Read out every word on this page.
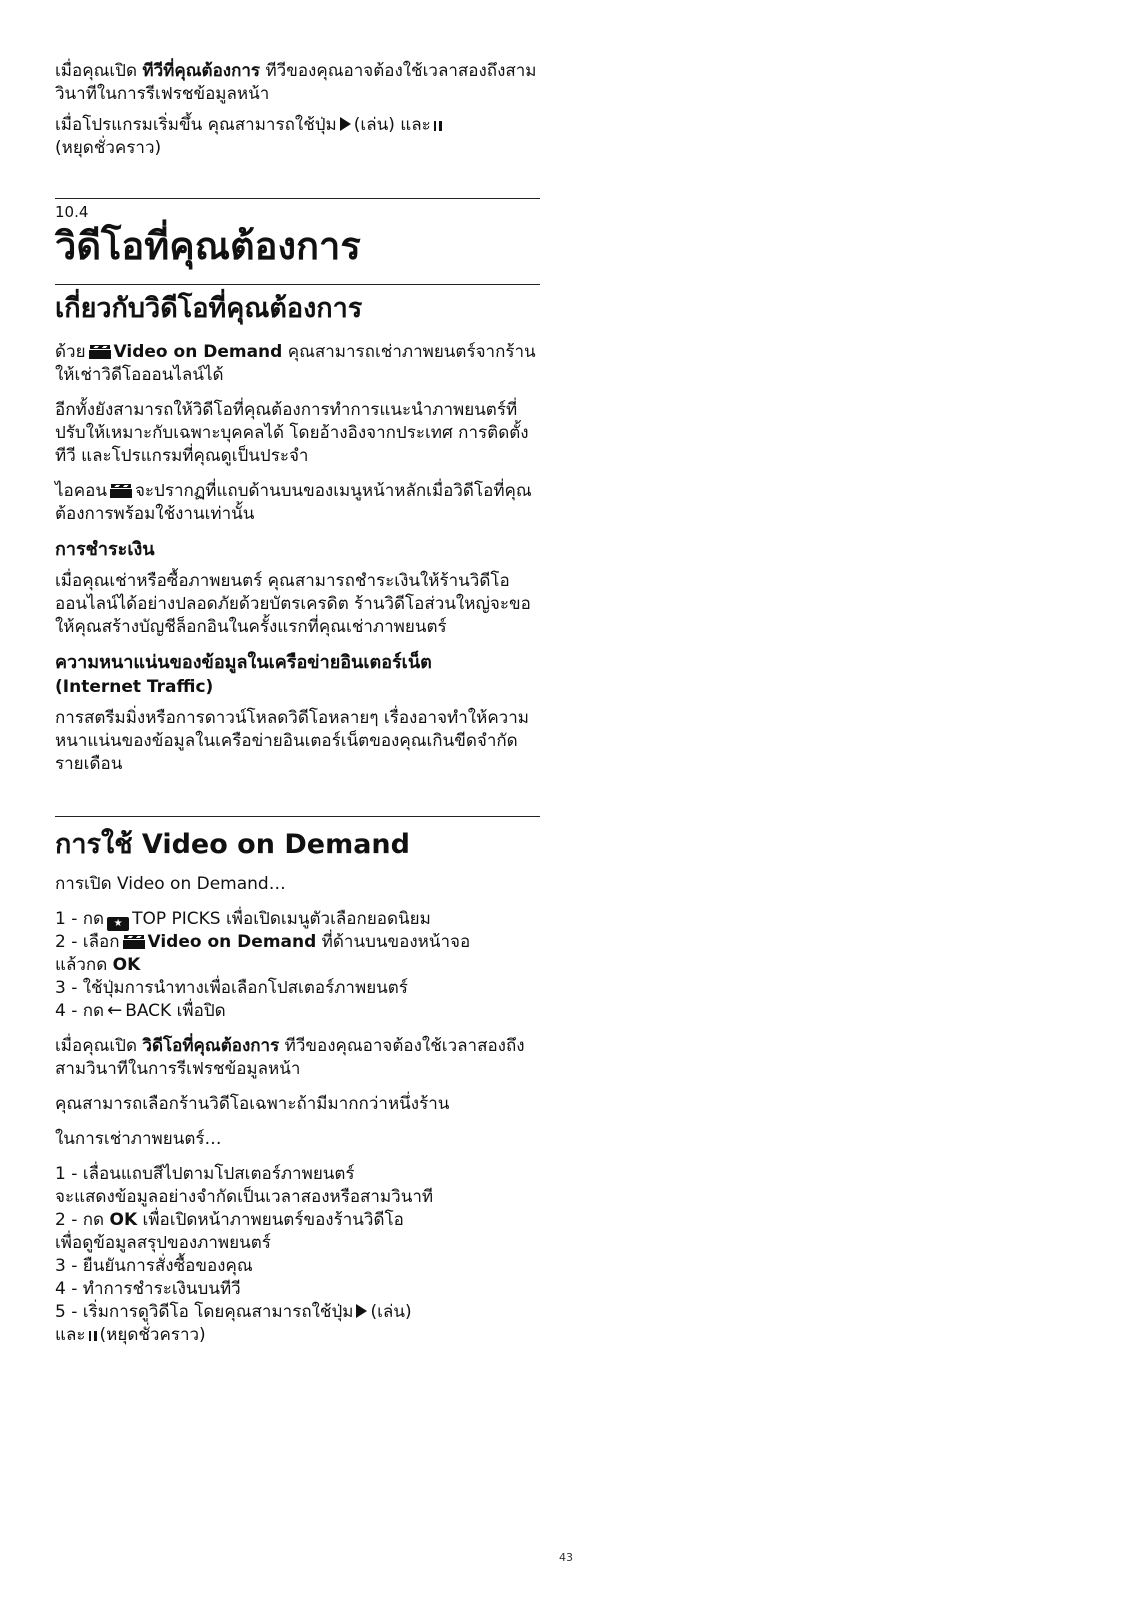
เมื่อคุณเปิด ทีวีที่คุณต้องการ ทีวีของคุณอาจต้องใช้เวลาสองถึงสามวินาทีในการรีเฟรชข้อมูลหน้า

เมื่อโปรแกรมเริ่มขึ้น คุณสามารถใช้ปุ่ม (เล่น) และ
(หยุดชั่วคราว)

10.4
วิดีโอที่คุณต้องการ
เกี่ยวกับวิดีโอที่คุณต้องการ

ด้วย Video on Demand คุณสามารถเช่าภาพยนตร์จากร้านให้เช่าวิดีโอออนไลน์ได้

อีกทั้งยังสามารถให้วิดีโอที่คุณต้องการทำการแนะนำภาพยนตร์ที่ปรับให้เหมาะกับเฉพาะบุคคลได้ โดยอ้างอิงจากประเทศ การติดตั้งทีวี และโปรแกรมที่คุณดูเป็นประจำ

ไอคอน จะปรากฏที่แถบด้านบนของเมนูหน้าหลักเมื่อวิดีโอที่คุณต้องการพร้อมใช้งานเท่านั้น

การชำระเงิน

เมื่อคุณเช่าหรือซื้อภาพยนตร์ คุณสามารถชำระเงินให้ร้านวิดีโอออนไลน์ได้อย่างปลอดภัยด้วยบัตรเครดิต ร้านวิดีโอส่วนใหญ่จะขอให้คุณสร้างบัญชีล็อกอินในครั้งแรกที่คุณเช่าภาพยนตร์

ความหนาแน่นของข้อมูลในเครือข่ายอินเตอร์เน็ต
(Internet Traffic)

การสตรีมมิ่งหรือการดาวน์โหลดวิดีโอหลายๆ เรื่องอาจทำให้ความหนาแน่นของข้อมูลในเครือข่ายอินเตอร์เน็ตของคุณเกินขีดจำกัดรายเดือน

การใช้ Video on Demand

การเปิด Video on Demand…

1 - กด ★ TOP PICKS เพื่อเปิดเมนูตัวเลือกยอดนิยม

2 - เลือก Video on Demand ที่ด้านบนของหน้าจอ
แล้วกด OK

3 - ใช้ปุ่มการนำทางเพื่อเลือกโปสเตอร์ภาพยนตร์

4 - กด ← BACK เพื่อปิด

เมื่อคุณเปิด วิดีโอที่คุณต้องการ ทีวีของคุณอาจต้องใช้เวลาสองถึงสามวินาทีในการรีเฟรชข้อมูลหน้า

คุณสามารถเลือกร้านวิดีโอเฉพาะถ้ามีมากกว่าหนึ่งร้าน

ในการเช่าภาพยนตร์…

1 - เลื่อนแถบสีไปตามโปสเตอร์ภาพยนตร์
จะแสดงข้อมูลอย่างจำกัดเป็นเวลาสองหรือสามวินาที

2 - กด OK เพื่อเปิดหน้าภาพยนตร์ของร้านวิดีโอ
เพื่อดูข้อมูลสรุปของภาพยนตร์

3 - ยืนยันการสั่งซื้อของคุณ

4 - ทำการชำระเงินบนทีวี

5 - เริ่มการดูวิดีโอ โดยคุณสามารถใช้ปุ่ม (เล่น)
และ (หยุดชั่วคราว)

43
